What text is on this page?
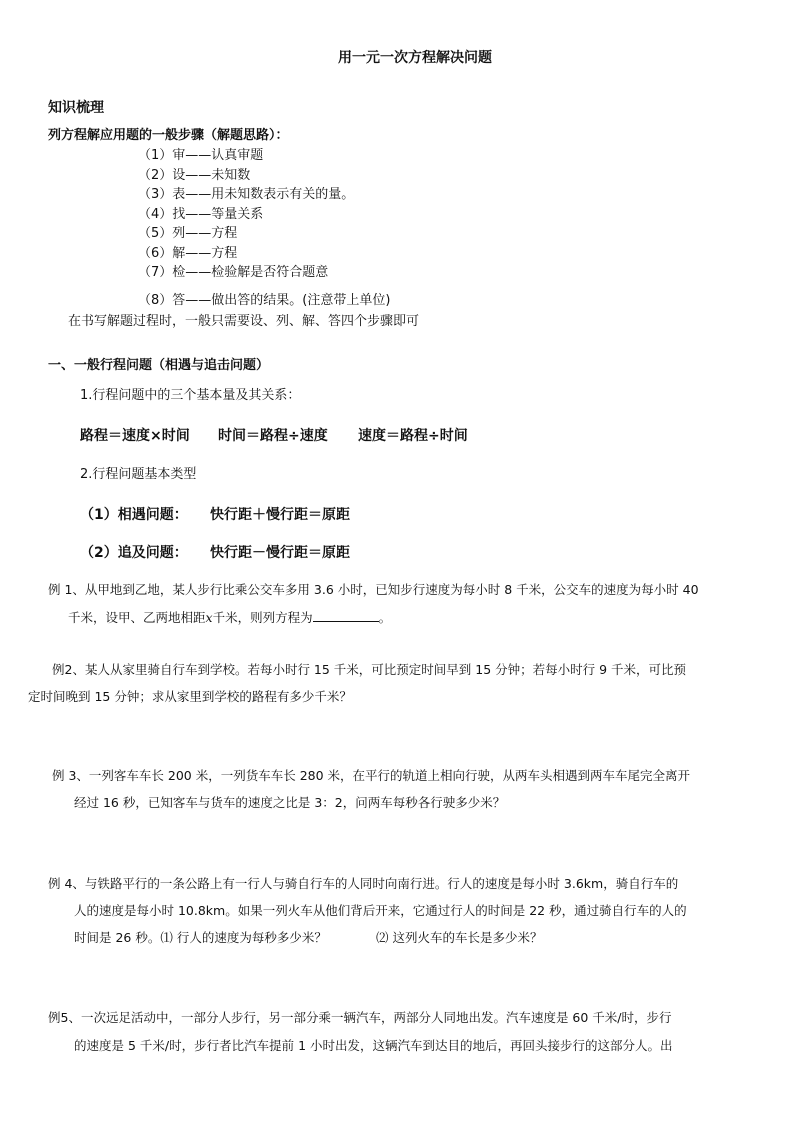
用一元一次方程解决问题
知识梳理
列方程解应用题的一般步骤（解题思路）：
（1）审——认真审题
（2）设——未知数
（3）表——用未知数表示有关的量。
（4）找——等量关系
（5）列——方程
（6）解——方程
（7）检——检验解是否符合题意
（8）答——做出答的结果。(注意带上单位)
在书写解题过程时，一般只需要设、列、解、答四个步骤即可
一、一般行程问题（相遇与追击问题）
1.行程问题中的三个基本量及其关系：
路程＝速度×时间 时间＝路程÷速度 速度＝路程÷时间
2.行程问题基本类型
（1）相遇问题： 快行距＋慢行距＝原距
（2）追及问题： 快行距－慢行距＝原距
例 1、从甲地到乙地，某人步行比乘公交车多用 3.6 小时，已知步行速度为每小时 8 千米，公交车的速度为每小时 40
千米，设甲、乙两地相距x千米，则列方程为	。
例2、某人从家里骑自行车到学校。若每小时行 15 千米，可比预定时间早到 15 分钟；若每小时行 9 千米，可比预
定时间晚到 15 分钟；求从家里到学校的路程有多少千米？
例 3、一列客车车长 200 米，一列货车车长 280 米，在平行的轨道上相向行驶，从两车头相遇到两车车尾完全离开
经过 16 秒，已知客车与货车的速度之比是 3：2，问两车每秒各行驶多少米？
例 4、与铁路平行的一条公路上有一行人与骑自行车的人同时向南行进。行人的速度是每小时 3.6km，骑自行车的
人的速度是每小时 10.8km。如果一列火车从他们背后开来，它通过行人的时间是 22 秒，通过骑自行车的人的
时间是 26 秒。⑴ 行人的速度为每秒多少米？	⑵ 这列火车的车长是多少米？
例5、一次远足活动中，一部分人步行，另一部分乘一辆汽车，两部分人同地出发。汽车速度是 60 千米/时，步行
的速度是 5 千米/时，步行者比汽车提前 1 小时出发，这辆汽车到达目的地后，再回头接步行的这部分人。出
